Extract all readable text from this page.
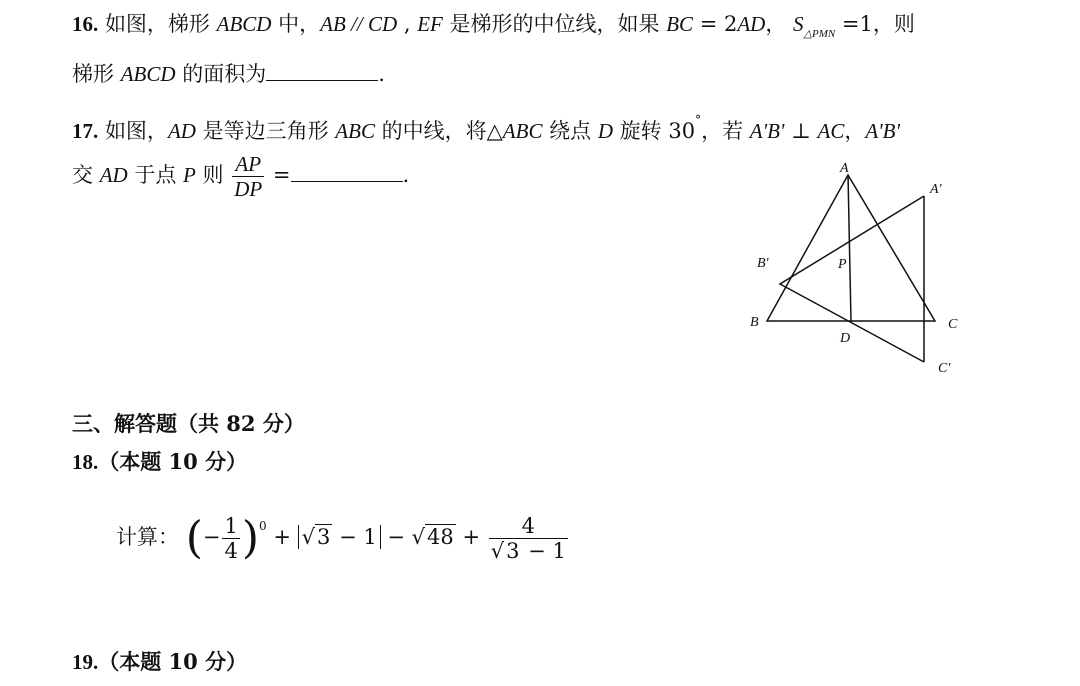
16. 如图，梯形 ABCD 中，AB // CD , EF 是梯形的中位线，如果 BC = 2AD， $S_{\triangle PMN} =1$，则
梯形 ABCD 的面积为	.
17. 如图，AD 是等边三角形 ABC 的中线，将△ABC 绕点 D 旋转 30°，若 A'B' ⊥ AC，A'B'
交 AD 于点 P 则 $\frac{AP}{DP}$ =	.	A
A'
B'	P
B	C
D
C'
三、解答题（共 82 分）
18.（本题 10 分）
计算： (− $\frac{1}{4} )^0 + √3 - 1 - √48 + \frac{4}{√3 - 1}$
19.（本题 10 分）
